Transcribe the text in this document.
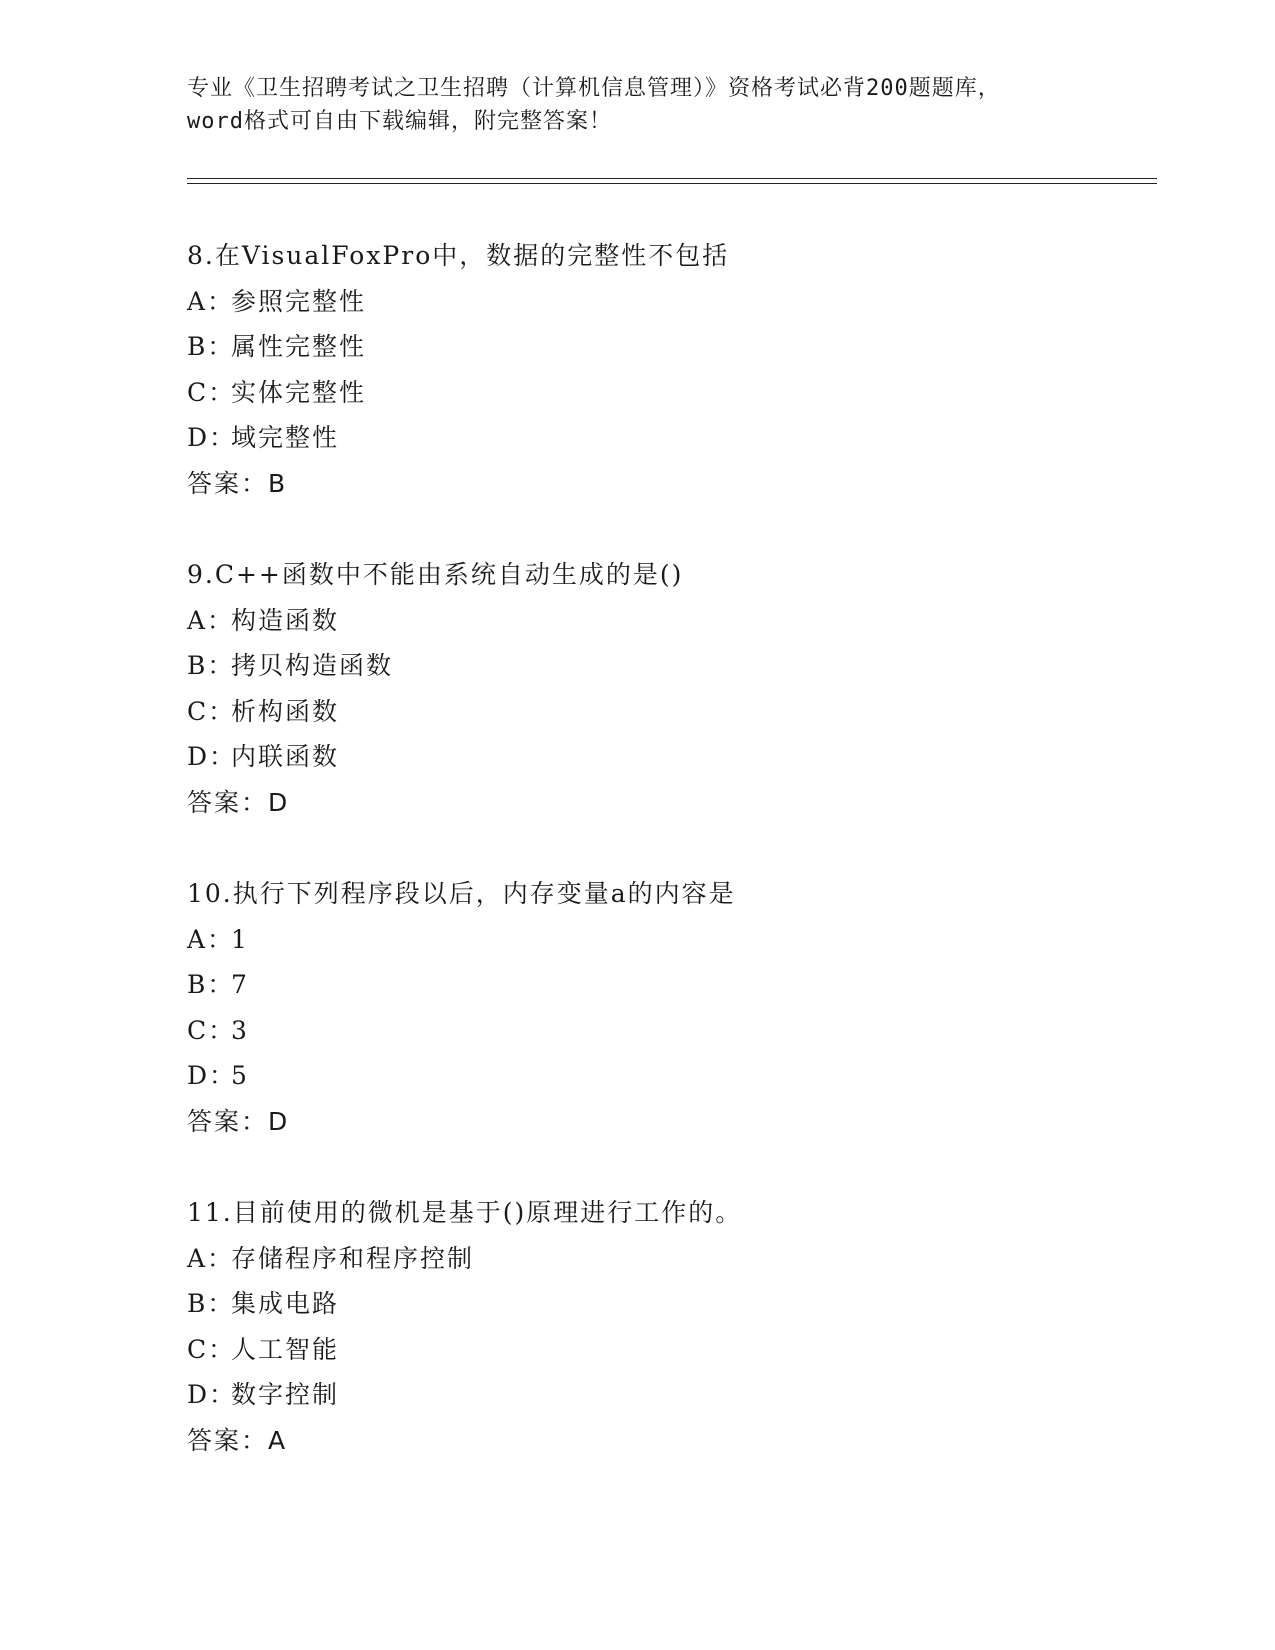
专业《卫生招聘考试之卫生招聘（计算机信息管理）》资格考试必背200题题库，
word格式可自由下载编辑，附完整答案！
8.在VisualFoxPro中，数据的完整性不包括
A：参照完整性
B：属性完整性
C：实体完整性
D：域完整性
答案：B
9.C++函数中不能由系统自动生成的是()
A：构造函数
B：拷贝构造函数
C：析构函数
D：内联函数
答案：D
10.执行下列程序段以后，内存变量a的内容是
A：1
B：7
C：3
D：5
答案：D
11.目前使用的微机是基于()原理进行工作的。
A：存储程序和程序控制
B：集成电路
C：人工智能
D：数字控制
答案：A
